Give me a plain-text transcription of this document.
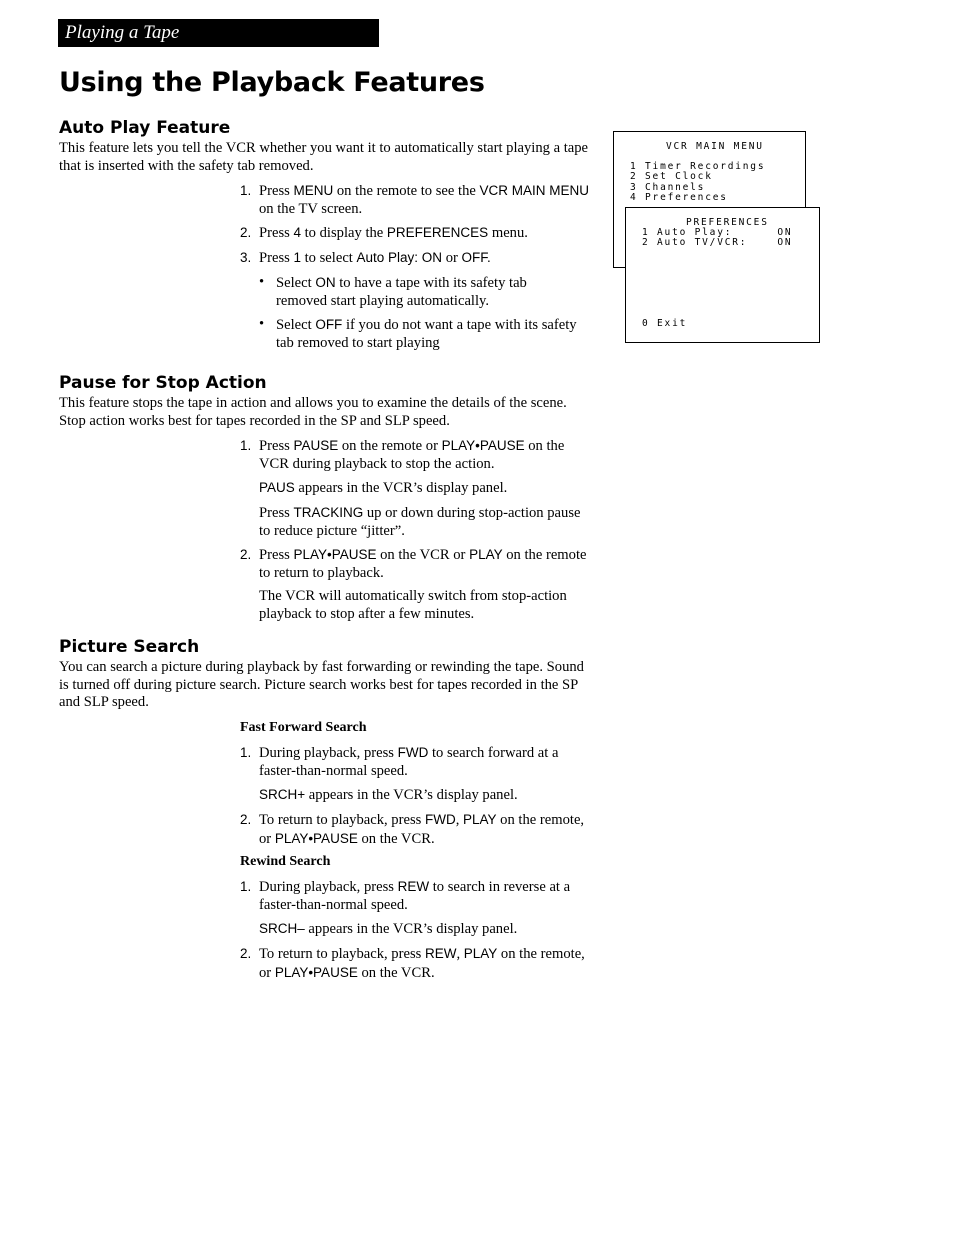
Playing a Tape
Using the Playback Features
Auto Play Feature

This feature lets you tell the VCR whether you want it to automatically start playing a tape that is inserted with the safety tab removed.

1. Press MENU on the remote to see the VCR MAIN MENU on the TV screen.
2. Press 4 to display the PREFERENCES menu.
3. Press 1 to select Auto Play: ON or OFF.
• Select ON to have a tape with its safety tab removed start playing automatically.
• Select OFF if you do not want a tape with its safety tab removed to start playing
Pause for Stop Action

This feature stops the tape in action and allows you to examine the details of the scene. Stop action works best for tapes recorded in the SP and SLP speed.

1. Press PAUSE on the remote or PLAY•PAUSE on the VCR during playback to stop the action.
PAUS appears in the VCR’s display panel.
Press TRACKING up or down during stop-action pause to reduce picture “jitter”.
2. Press PLAY•PAUSE on the VCR or PLAY on the remote to return to playback.
The VCR will automatically switch from stop-action playback to stop after a few minutes.
Picture Search

You can search a picture during playback by fast forwarding or rewinding the tape. Sound is turned off during picture search. Picture search works best for tapes recorded in the SP and SLP speed.

Fast Forward Search
1. During playback, press FWD to search forward at a faster-than-normal speed.
SRCH+ appears in the VCR’s display panel.
2. To return to playback, press FWD, PLAY on the remote, or PLAY•PAUSE on the VCR.
Rewind Search
1. During playback, press REW to search in reverse at a faster-than-normal speed.
SRCH– appears in the VCR’s display panel.
2. To return to playback, press REW, PLAY on the remote, or PLAY•PAUSE on the VCR.
VCR MAIN MENU
1 Timer Recordings
2 Set Clock
3 Channels
4 Preferences
PREFERENCES
1 Auto Play:      ON
2 Auto TV/VCR:    ON
0 Exit
